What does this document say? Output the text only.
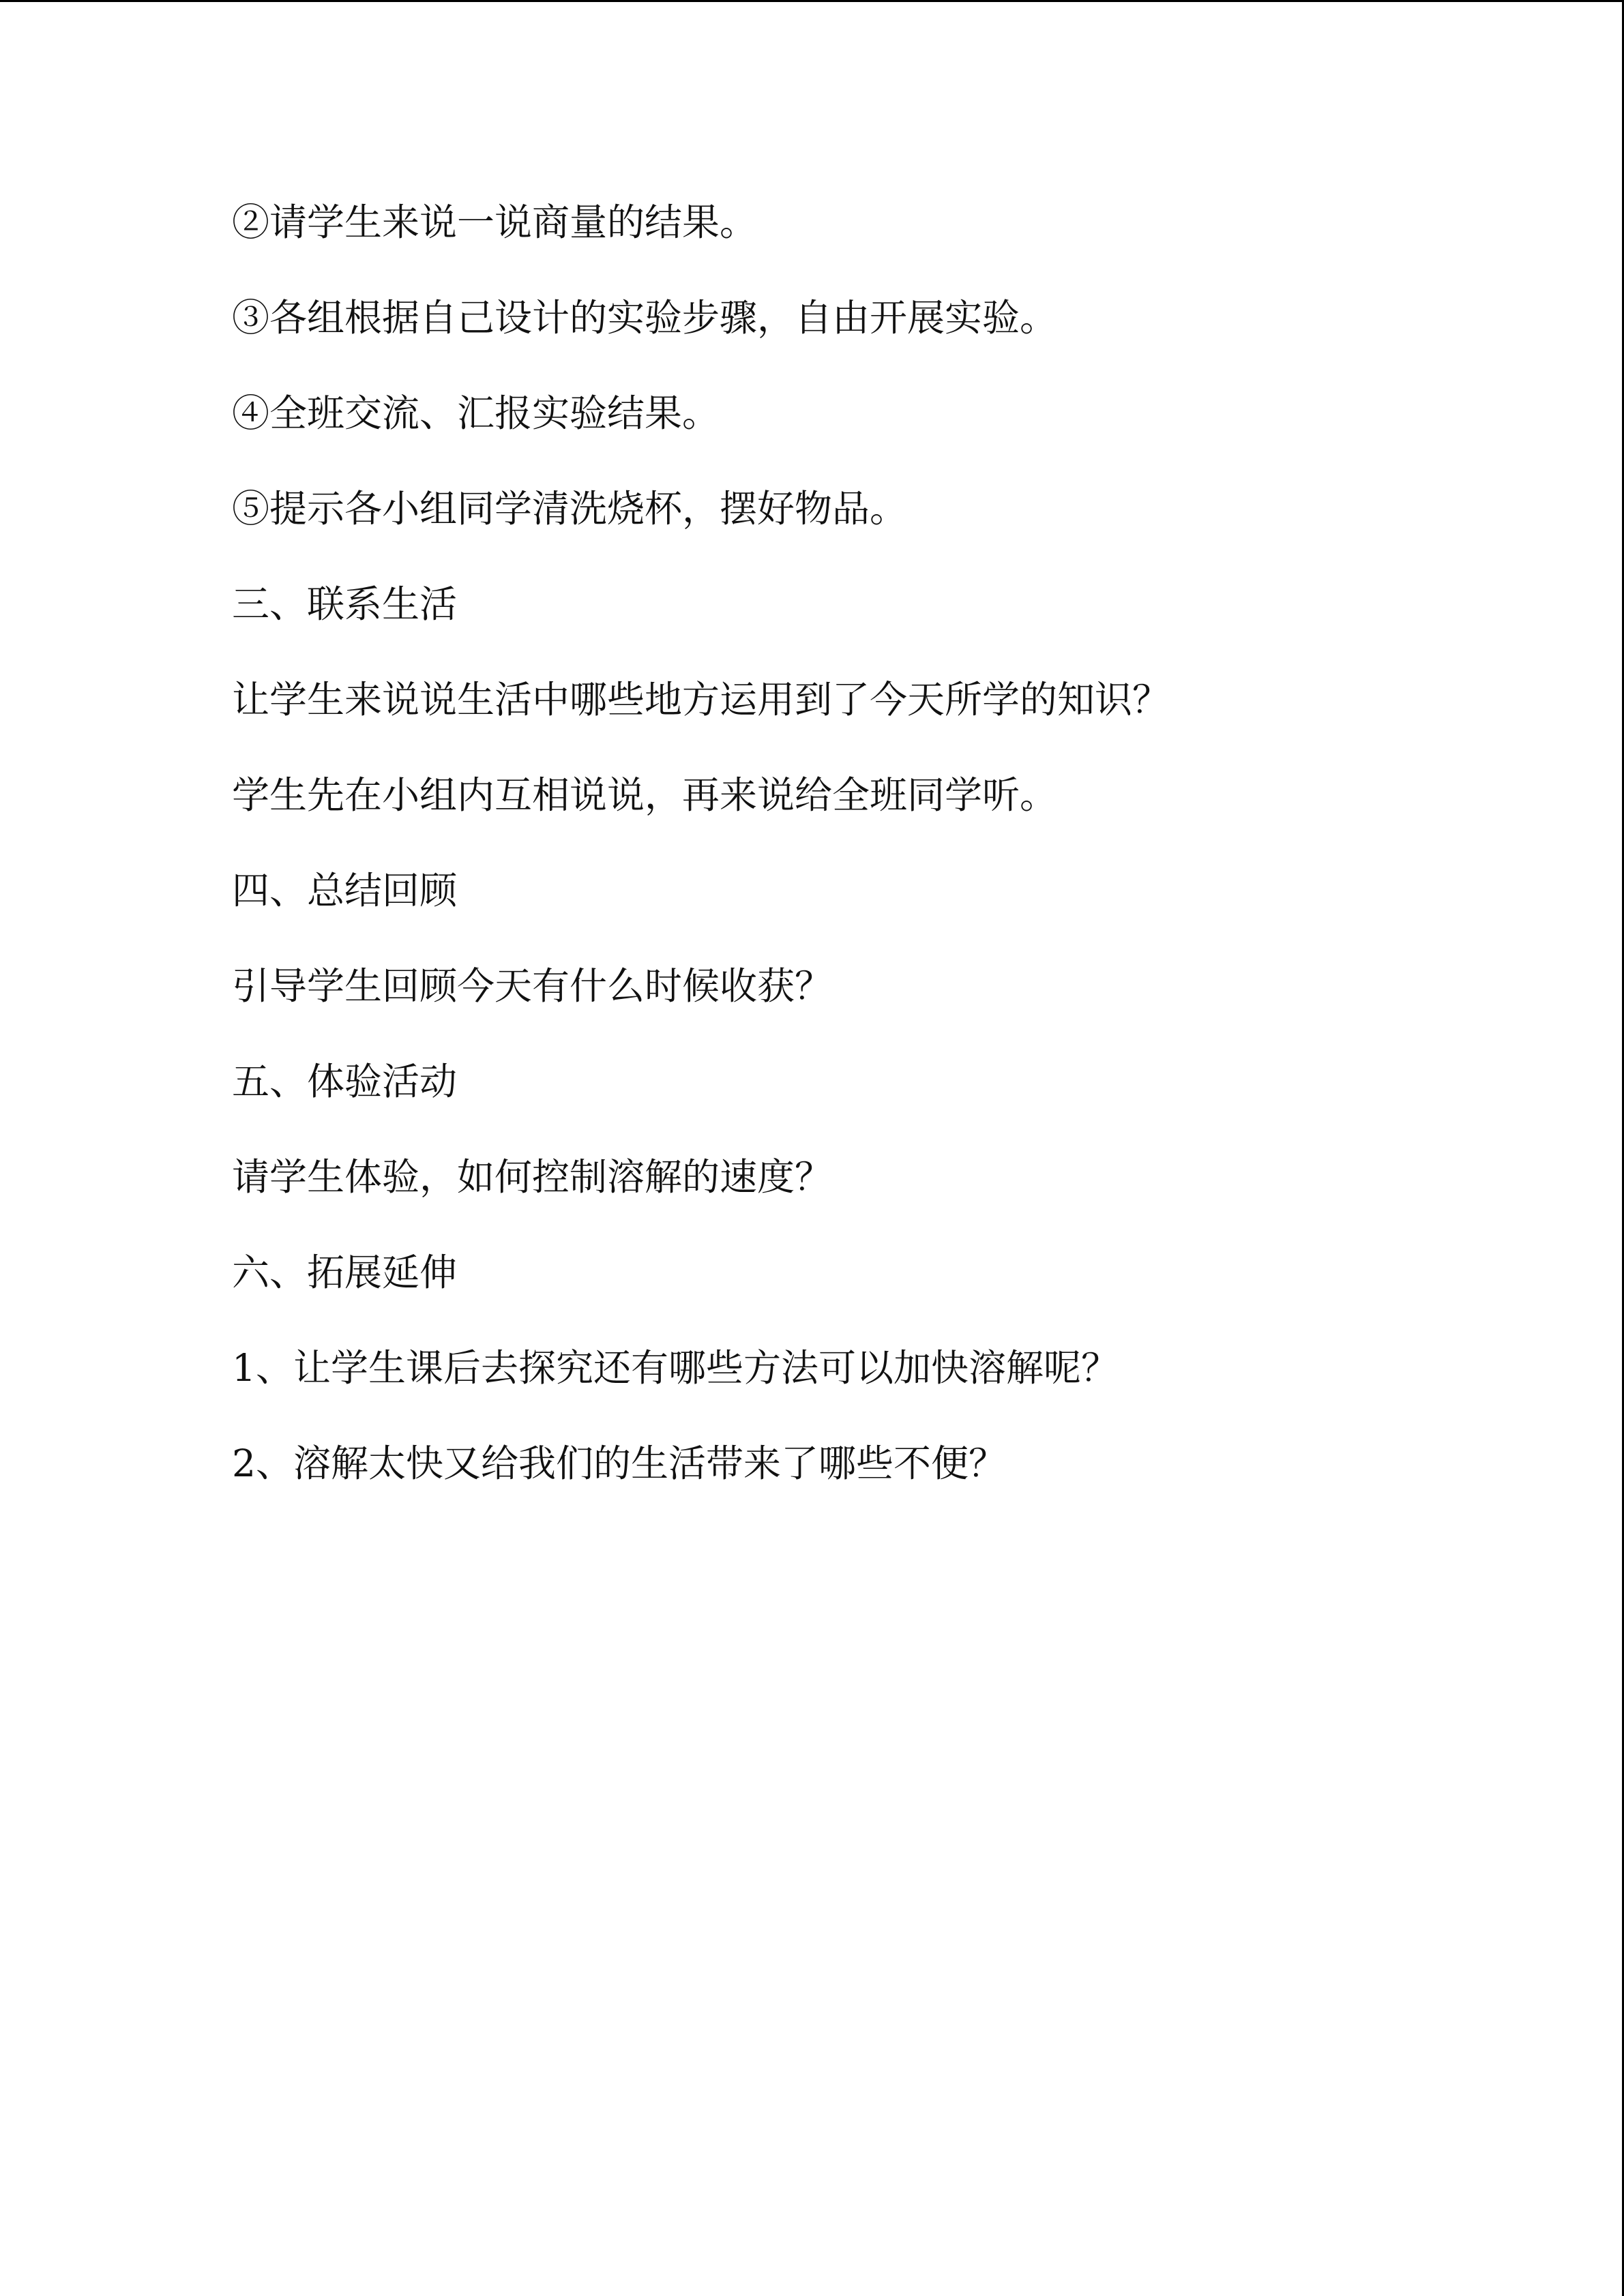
②请学生来说一说商量的结果。

③各组根据自己设计的实验步骤，自由开展实验。

④全班交流、汇报实验结果。

⑤提示各小组同学清洗烧杯，摆好物品。

三、联系生活

让学生来说说生活中哪些地方运用到了今天所学的知识？

学生先在小组内互相说说，再来说给全班同学听。

四、总结回顾

引导学生回顾今天有什么时候收获？

五、体验活动

请学生体验，如何控制溶解的速度？

六、拓展延伸

1、让学生课后去探究还有哪些方法可以加快溶解呢？

2、溶解太快又给我们的生活带来了哪些不便？
